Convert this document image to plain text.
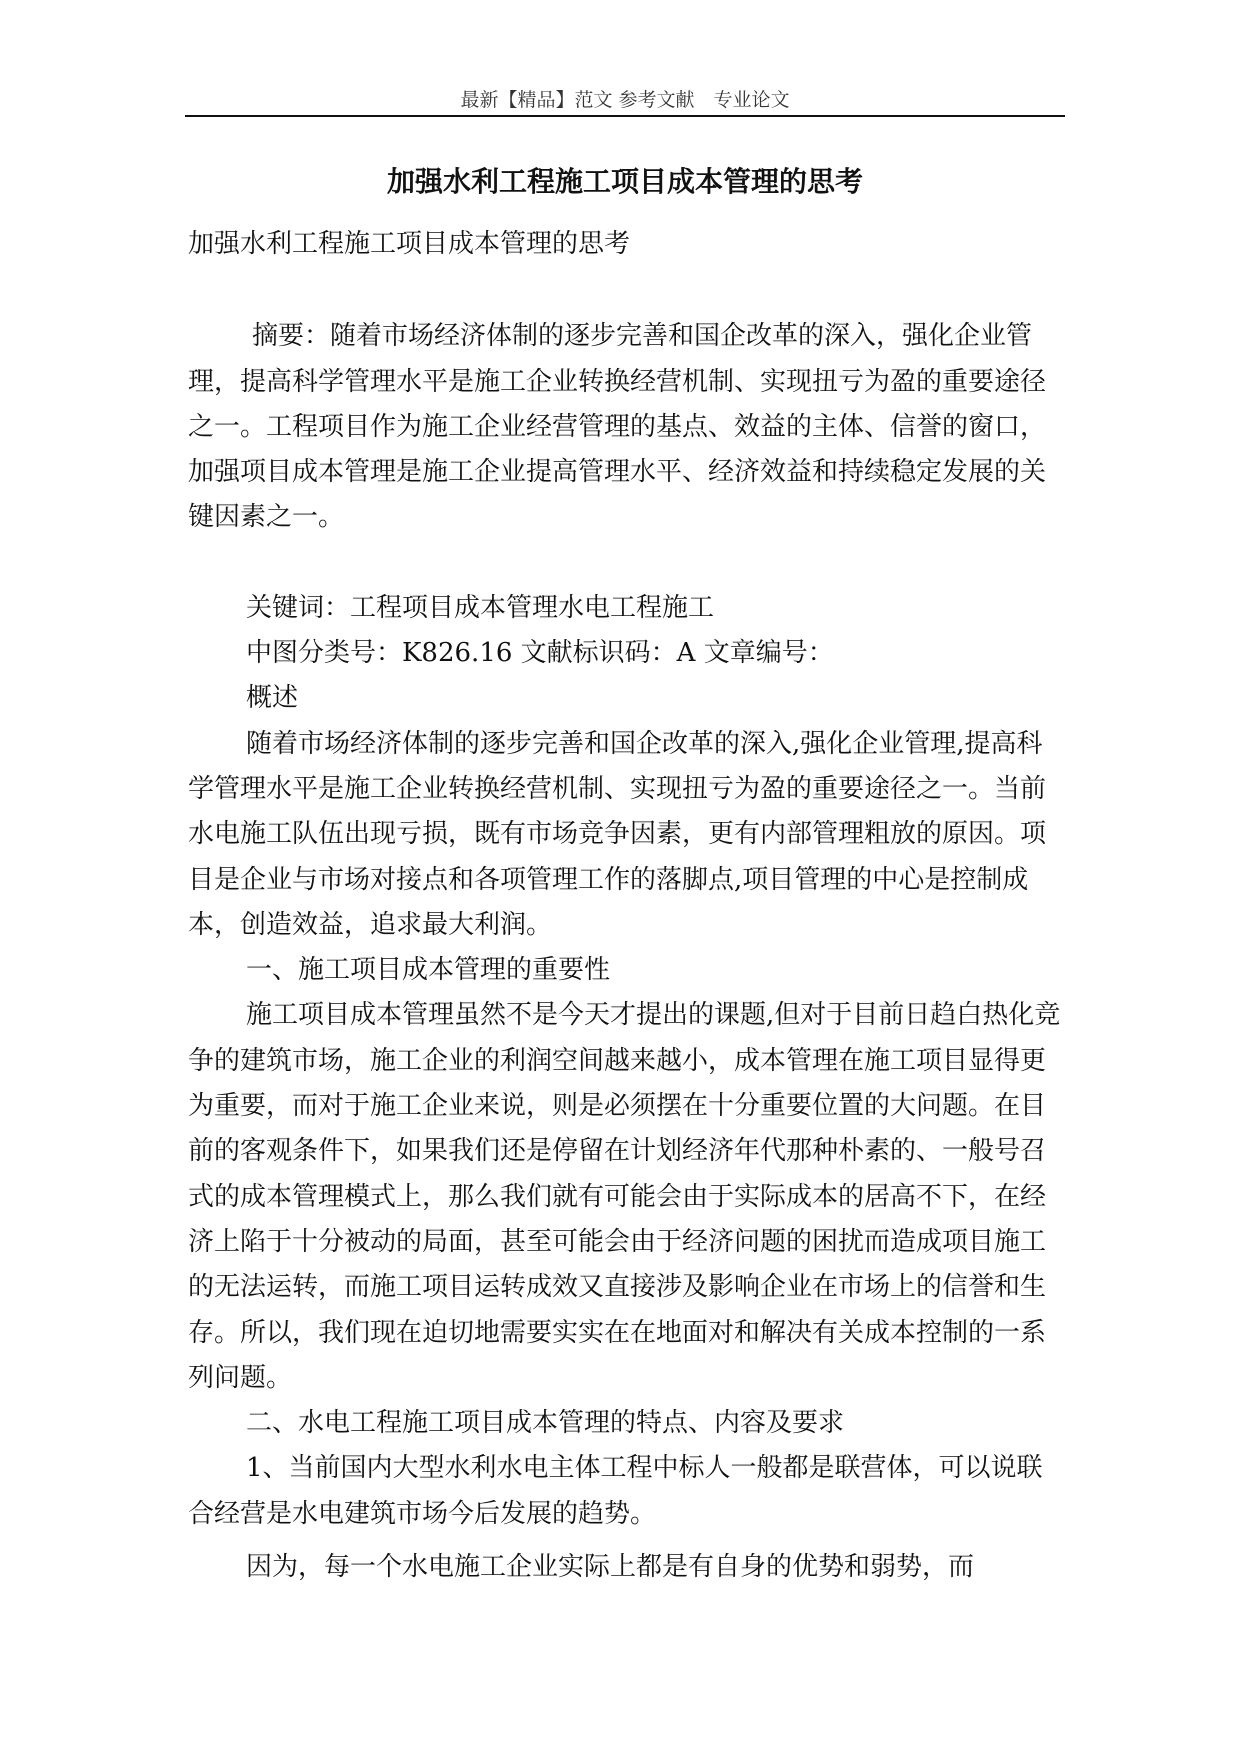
最新【精品】范文 参考文献　专业论文
加强水利工程施工项目成本管理的思考

加强水利工程施工项目成本管理的思考

摘要：随着市场经济体制的逐步完善和国企改革的深入，强化企业管理，提高科学管理水平是施工企业转换经营机制、实现扭亏为盈的重要途径之一。工程项目作为施工企业经营管理的基点、效益的主体、信誉的窗口，加强项目成本管理是施工企业提高管理水平、经济效益和持续稳定发展的关键因素之一。

关键词：工程项目成本管理水电工程施工

中图分类号：K826.16 文献标识码：A 文章编号：

概述

随着市场经济体制的逐步完善和国企改革的深入,强化企业管理,提高科学管理水平是施工企业转换经营机制、实现扭亏为盈的重要途径之一。当前水电施工队伍出现亏损，既有市场竞争因素，更有内部管理粗放的原因。项目是企业与市场对接点和各项管理工作的落脚点,项目管理的中心是控制成本，创造效益，追求最大利润。

一、施工项目成本管理的重要性

施工项目成本管理虽然不是今天才提出的课题,但对于目前日趋白热化竞争的建筑市场，施工企业的利润空间越来越小，成本管理在施工项目显得更为重要，而对于施工企业来说，则是必须摆在十分重要位置的大问题。在目前的客观条件下，如果我们还是停留在计划经济年代那种朴素的、一般号召式的成本管理模式上，那么我们就有可能会由于实际成本的居高不下，在经济上陷于十分被动的局面，甚至可能会由于经济问题的困扰而造成项目施工的无法运转，而施工项目运转成效又直接涉及影响企业在市场上的信誉和生存。所以，我们现在迫切地需要实实在在地面对和解决有关成本控制的一系列问题。

二、水电工程施工项目成本管理的特点、内容及要求

1、当前国内大型水利水电主体工程中标人一般都是联营体，可以说联合经营是水电建筑市场今后发展的趋势。

因为，每一个水电施工企业实际上都是有自身的优势和弱势，而
